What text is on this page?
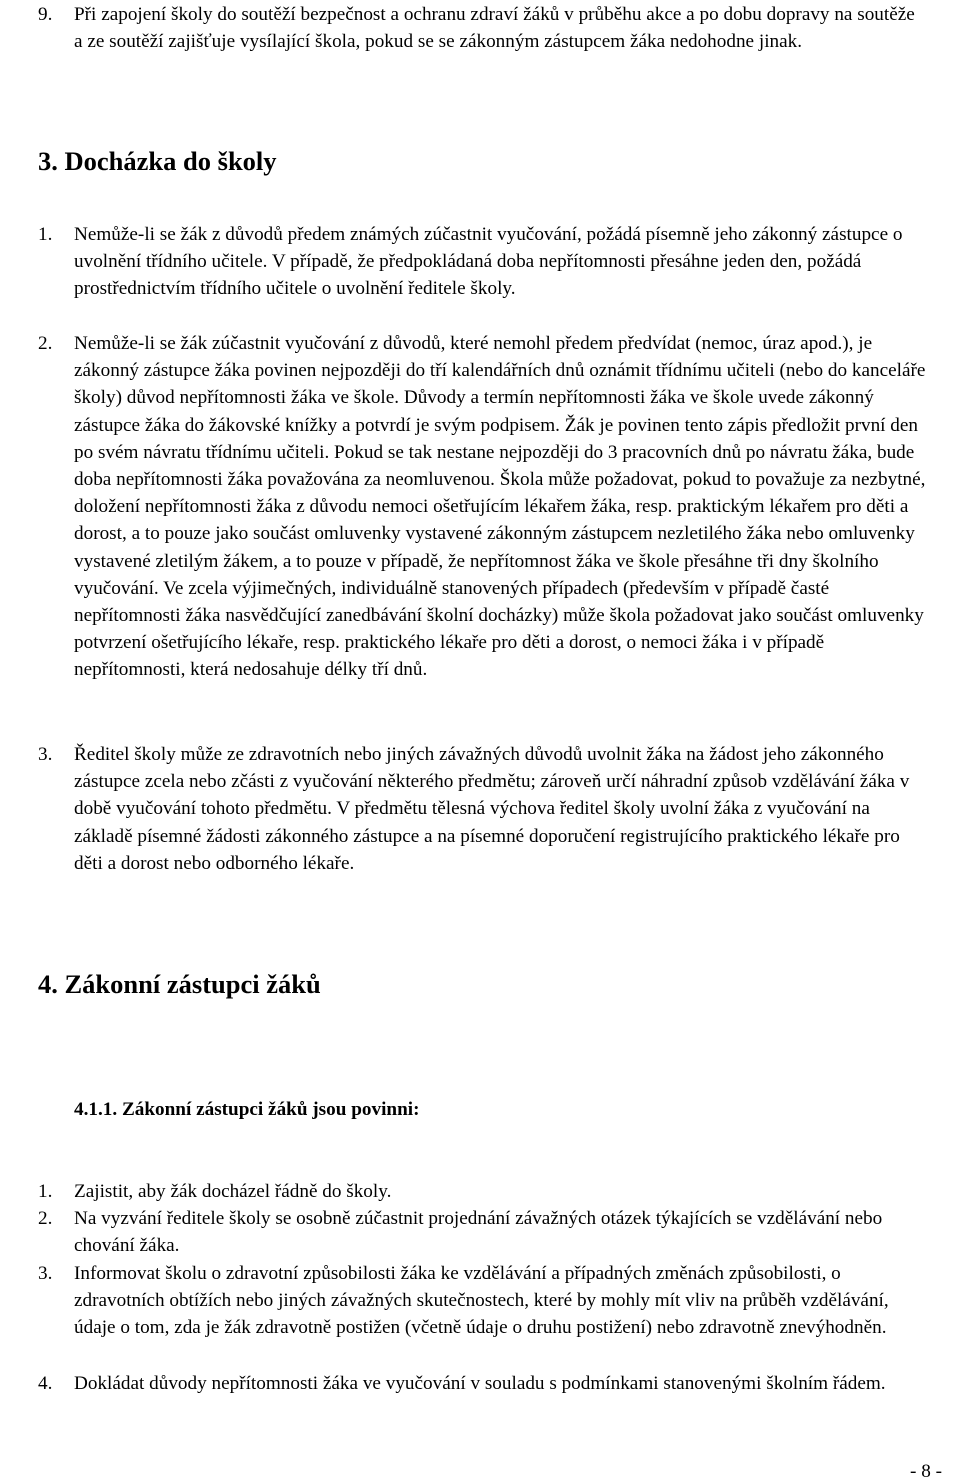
9. Při zapojení školy do soutěží bezpečnost a ochranu zdraví žáků v průběhu akce a po dobu dopravy na soutěže a ze soutěží zajišťuje vysílající škola, pokud se se zákonným zástupcem žáka nedohodne jinak.
3. Docházka do školy
1. Nemůže-li se žák z důvodů předem známých zúčastnit vyučování, požádá písemně jeho zákonný zástupce o uvolnění třídního učitele. V případě, že předpokládaná doba nepřítomnosti přesáhne jeden den, požádá prostřednictvím třídního učitele o uvolnění ředitele školy.
2. Nemůže-li se žák zúčastnit vyučování z důvodů, které nemohl předem předvídat (nemoc, úraz apod.), je zákonný zástupce žáka povinen nejpozději do tří kalendářních dnů oznámit třídnímu učiteli (nebo do kanceláře školy) důvod nepřítomnosti žáka ve škole. Důvody a termín nepřítomnosti žáka ve škole uvede zákonný zástupce žáka do žákovské knížky a potvrdí je svým podpisem. Žák je povinen tento zápis předložit první den po svém návratu třídnímu učiteli. Pokud se tak nestane nejpozději do 3 pracovních dnů po návratu žáka, bude doba nepřítomnosti žáka považována za neomluvenou. Škola může požadovat, pokud to považuje za nezbytné, doložení nepřítomnosti žáka z důvodu nemoci ošetřujícím lékařem žáka, resp. praktickým lékařem pro děti a dorost, a to pouze jako součást omluvenky vystavené zákonným zástupcem nezletilého žáka nebo omluvenky vystavené zletilým žákem, a to pouze v případě, že nepřítomnost žáka ve škole přesáhne tři dny školního vyučování. Ve zcela výjimečných, individuálně stanovených případech (především v případě časté nepřítomnosti žáka nasvědčující zanedbávání školní docházky) může škola požadovat jako součást omluvenky potvrzení ošetřujícího lékaře, resp. praktického lékaře pro děti a dorost, o nemoci žáka i v případě nepřítomnosti, která nedosahuje délky tří dnů.
3. Ředitel školy může ze zdravotních nebo jiných závažných důvodů uvolnit žáka na žádost jeho zákonného zástupce zcela nebo zčásti z vyučování některého předmětu; zároveň určí náhradní způsob vzdělávání žáka v době vyučování tohoto předmětu. V předmětu tělesná výchova ředitel školy uvolní žáka z vyučování na základě písemné žádosti zákonného zástupce a na písemné doporučení registrujícího praktického lékaře pro děti a dorost nebo odborného lékaře.
4. Zákonní zástupci žáků
4.1.1. Zákonní zástupci žáků jsou povinni:
1. Zajistit, aby žák docházel řádně do školy.
2. Na vyzvání ředitele školy se osobně zúčastnit projednání závažných otázek týkajících se vzdělávání nebo chování žáka.
3. Informovat školu o zdravotní způsobilosti žáka ke vzdělávání a případných změnách způsobilosti, o zdravotních obtížích nebo jiných závažných skutečnostech, které by mohly mít vliv na průběh vzdělávání, údaje o tom, zda je žák zdravotně postižen (včetně údaje o druhu postižení) nebo zdravotně znevýhodněn.
4. Dokládat důvody nepřítomnosti žáka ve vyučování v souladu s podmínkami stanovenými školním řádem.
- 8 -
